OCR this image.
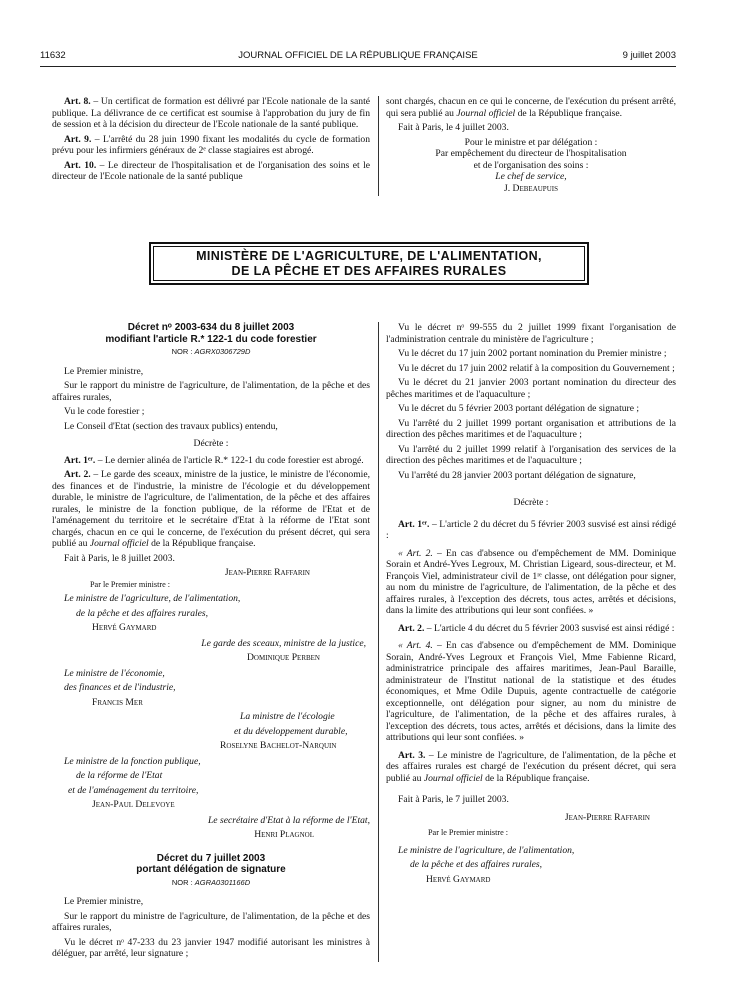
11632	JOURNAL OFFICIEL DE LA RÉPUBLIQUE FRANÇAISE	9 juillet 2003

Art. 8. – Un certificat de formation est délivré par l'Ecole nationale de la santé publique. La délivrance de ce certificat est soumise à l'approbation du jury de fin de session et à la décision du directeur de l'Ecole nationale de la santé publique.

Art. 9. – L'arrêté du 28 juin 1990 fixant les modalités du cycle de formation prévu pour les infirmiers généraux de 2ᵉ classe stagiaires est abrogé.

Art. 10. – Le directeur de l'hospitalisation et de l'organisation des soins et le directeur de l'Ecole nationale de la santé publique

sont chargés, chacun en ce qui le concerne, de l'exécution du présent arrêté, qui sera publié au Journal officiel de la République française.

Fait à Paris, le 4 juillet 2003.

Pour le ministre et par délégation :

Par empêchement du directeur de l'hospitalisation

et de l'organisation des soins :

Le chef de service,

J. Debeaupuis

MINISTÈRE DE L'AGRICULTURE, DE L'ALIMENTATION,
DE LA PÊCHE ET DES AFFAIRES RURALES
Décret nᵒ 2003-634 du 8 juillet 2003
modifiant l'article R.* 122-1 du code forestier
NOR : AGRX0306729D

Le Premier ministre,

Sur le rapport du ministre de l'agriculture, de l'alimentation, de la pêche et des affaires rurales,

Vu le code forestier ;

Le Conseil d'Etat (section des travaux publics) entendu,

Décrète :

Art. 1ᵉʳ. – Le dernier alinéa de l'article R.* 122-1 du code forestier est abrogé.

Art. 2. – Le garde des sceaux, ministre de la justice, le ministre de l'économie, des finances et de l'industrie, la ministre de l'écologie et du développement durable, le ministre de l'agriculture, de l'alimentation, de la pêche et des affaires rurales, le ministre de la fonction publique, de la réforme de l'Etat et de l'aménagement du territoire et le secrétaire d'Etat à la réforme de l'Etat sont chargés, chacun en ce qui le concerne, de l'exécution du présent décret, qui sera publié au Journal officiel de la République française.

Fait à Paris, le 8 juillet 2003.

Jean-Pierre Raffarin

Par le Premier ministre :

Le ministre de l'agriculture, de l'alimentation,

de la pêche et des affaires rurales,

Hervé Gaymard

Le garde des sceaux, ministre de la justice,

Dominique Perben

Le ministre de l'économie,

des finances et de l'industrie,

Francis Mer

La ministre de l'écologie

et du développement durable,

Roselyne Bachelot-Narquin

Le ministre de la fonction publique,

de la réforme de l'Etat

et de l'aménagement du territoire,

Jean-Paul Delevoye

Le secrétaire d'Etat à la réforme de l'Etat,

Henri Plagnol

Décret du 7 juillet 2003
portant délégation de signature
NOR : AGRA0301166D

Le Premier ministre,

Sur le rapport du ministre de l'agriculture, de l'alimentation, de la pêche et des affaires rurales,

Vu le décret nᵒ 47-233 du 23 janvier 1947 modifié autorisant les ministres à déléguer, par arrêté, leur signature ;

Vu le décret nᵒ 99-555 du 2 juillet 1999 fixant l'organisation de l'administration centrale du ministère de l'agriculture ;

Vu le décret du 17 juin 2002 portant nomination du Premier ministre ;

Vu le décret du 17 juin 2002 relatif à la composition du Gouvernement ;

Vu le décret du 21 janvier 2003 portant nomination du directeur des pêches maritimes et de l'aquaculture ;

Vu le décret du 5 février 2003 portant délégation de signature ;

Vu l'arrêté du 2 juillet 1999 portant organisation et attributions de la direction des pêches maritimes et de l'aquaculture ;

Vu l'arrêté du 2 juillet 1999 relatif à l'organisation des services de la direction des pêches maritimes et de l'aquaculture ;

Vu l'arrêté du 28 janvier 2003 portant délégation de signature,

Décrète :

Art. 1ᵉʳ. – L'article 2 du décret du 5 février 2003 susvisé est ainsi rédigé :

« Art. 2. – En cas d'absence ou d'empêchement de MM. Dominique Sorain et André-Yves Legroux, M. Christian Ligeard, sous-directeur, et M. François Viel, administrateur civil de 1ʳᵉ classe, ont délégation pour signer, au nom du ministre de l'agriculture, de l'alimentation, de la pêche et des affaires rurales, à l'exception des décrets, tous actes, arrêtés et décisions, dans la limite des attributions qui leur sont confiées. »

Art. 2. – L'article 4 du décret du 5 février 2003 susvisé est ainsi rédigé :

« Art. 4. – En cas d'absence ou d'empêchement de MM. Dominique Sorain, André-Yves Legroux et François Viel, Mme Fabienne Ricard, administratrice principale des affaires maritimes, Jean-Paul Baraille, administrateur de l'Institut national de la statistique et des études économiques, et Mme Odile Dupuis, agente contractuelle de catégorie exceptionnelle, ont délégation pour signer, au nom du ministre de l'agriculture, de l'alimentation, de la pêche et des affaires rurales, à l'exception des décrets, tous actes, arrêtés et décisions, dans la limite des attributions qui leur sont confiées. »

Art. 3. – Le ministre de l'agriculture, de l'alimentation, de la pêche et des affaires rurales est chargé de l'exécution du présent décret, qui sera publié au Journal officiel de la République française.

Fait à Paris, le 7 juillet 2003.

Jean-Pierre Raffarin

Par le Premier ministre :

Le ministre de l'agriculture, de l'alimentation,

de la pêche et des affaires rurales,

Hervé Gaymard
